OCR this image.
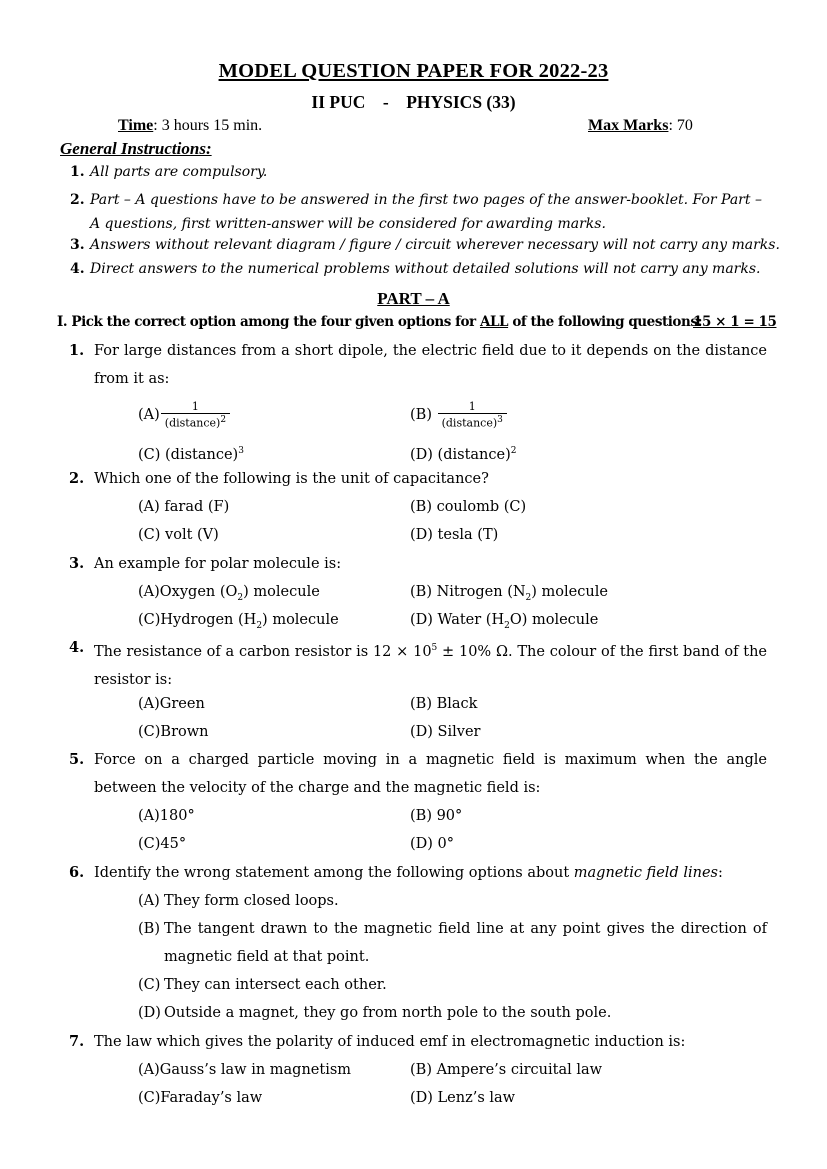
MODEL QUESTION PAPER FOR 2022-23
II PUC - PHYSICS (33)
Time: 3 hours 15 min.	Max Marks: 70
General Instructions:
1. All parts are compulsory.
2. Part – A questions have to be answered in the first two pages of the answer-booklet. For Part – A questions, first written-answer will be considered for awarding marks.
3. Answers without relevant diagram / figure / circuit wherever necessary will not carry any marks.
4. Direct answers to the numerical problems without detailed solutions will not carry any marks.
PART – A
I. Pick the correct option among the four given options for ALL of the following questions:
15 × 1 = 15
1. For large distances from a short dipole, the electric field due to it depends on the distance from it as:
$(A) \frac{1}{(distance)^2}$	$(B) \frac{1}{(distance)^3}$
(C) (distance)$^3$	(D) (distance)$^2$
2. Which one of the following is the unit of capacitance?
(A) farad (F)	(B) coulomb (C)
(C) volt (V)	(D) tesla (T)
3. An example for polar molecule is:
(A)Oxygen $(O_2)$ molecule	(B) Nitrogen $(N_2)$ molecule
(C)Hydrogen $(H_2)$ molecule	(D) Water $(H_2O)$ molecule
4. The resistance of a carbon resistor is $12 \times 10^5 \pm 10\%$ Ω. The colour of the first band of the resistor is:
(A)Green	(B) Black
(C)Brown	(D) Silver
5. Force on a charged particle moving in a magnetic field is maximum when the angle between the velocity of the charge and the magnetic field is:
(A)180°	(B) 90°
(C)45°	(D) 0°
6. Identify the wrong statement among the following options about magnetic field lines:
(A) They form closed loops.
(B) The tangent drawn to the magnetic field line at any point gives the direction of magnetic field at that point.
(C) They can intersect each other.
(D) Outside a magnet, they go from north pole to the south pole.
7. The law which gives the polarity of induced emf in electromagnetic induction is:
(A)Gauss’s law in magnetism	(B) Ampere’s circuital law
(C)Faraday’s law	(D) Lenz’s law
